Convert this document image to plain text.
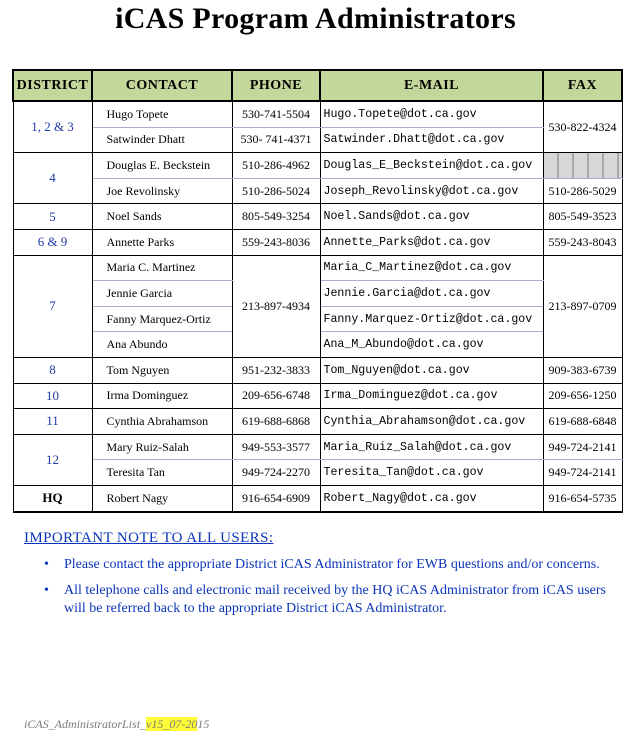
iCAS Program Administrators
DISTRICT	CONTACT	PHONE	E-MAIL	FAX
1, 2 & 3	Hugo Topete	530-741-5504	Hugo.Topete@dot.ca.gov	530-822-4324
	Satwinder Dhatt	530- 741-4371	Satwinder.Dhatt@dot.ca.gov	
4	Douglas E. Beckstein	510-286-4962	Douglas_E_Beckstein@dot.ca.gov	
	Joe Revolinsky	510-286-5024	Joseph_Revolinsky@dot.ca.gov	510-286-5029
5	Noel Sands	805-549-3254	Noel.Sands@dot.ca.gov	805-549-3523
6 & 9	Annette Parks	559-243-8036	Annette_Parks@dot.ca.gov	559-243-8043
7	Maria C. Martinez	213-897-4934	Maria_C_Martinez@dot.ca.gov	213-897-0709
	Jennie Garcia		Jennie.Garcia@dot.ca.gov	
	Fanny Marquez-Ortiz		Fanny.Marquez-Ortiz@dot.ca.gov	
	Ana Abundo		Ana_M_Abundo@dot.ca.gov	
8	Tom Nguyen	951-232-3833	Tom_Nguyen@dot.ca.gov	909-383-6739
10	Irma Dominguez	209-656-6748	Irma_Dominguez@dot.ca.gov	209-656-1250
11	Cynthia Abrahamson	619-688-6868	Cynthia_Abrahamson@dot.ca.gov	619-688-6848
12	Mary Ruiz-Salah	949-553-3577	Maria_Ruiz_Salah@dot.ca.gov	949-724-2141
	Teresita Tan	949-724-2270	Teresita_Tan@dot.ca.gov	949-724-2141
HQ	Robert Nagy	916-654-6909	Robert_Nagy@dot.ca.gov	916-654-5735
IMPORTANT NOTE TO ALL USERS:
• Please contact the appropriate District iCAS Administrator for EWB questions and/or concerns.
• All telephone calls and electronic mail received by the HQ iCAS Administrator from iCAS users will be referred back to the appropriate District iCAS Administrator.
iCAS_AdministratorList_v15_07-2015
